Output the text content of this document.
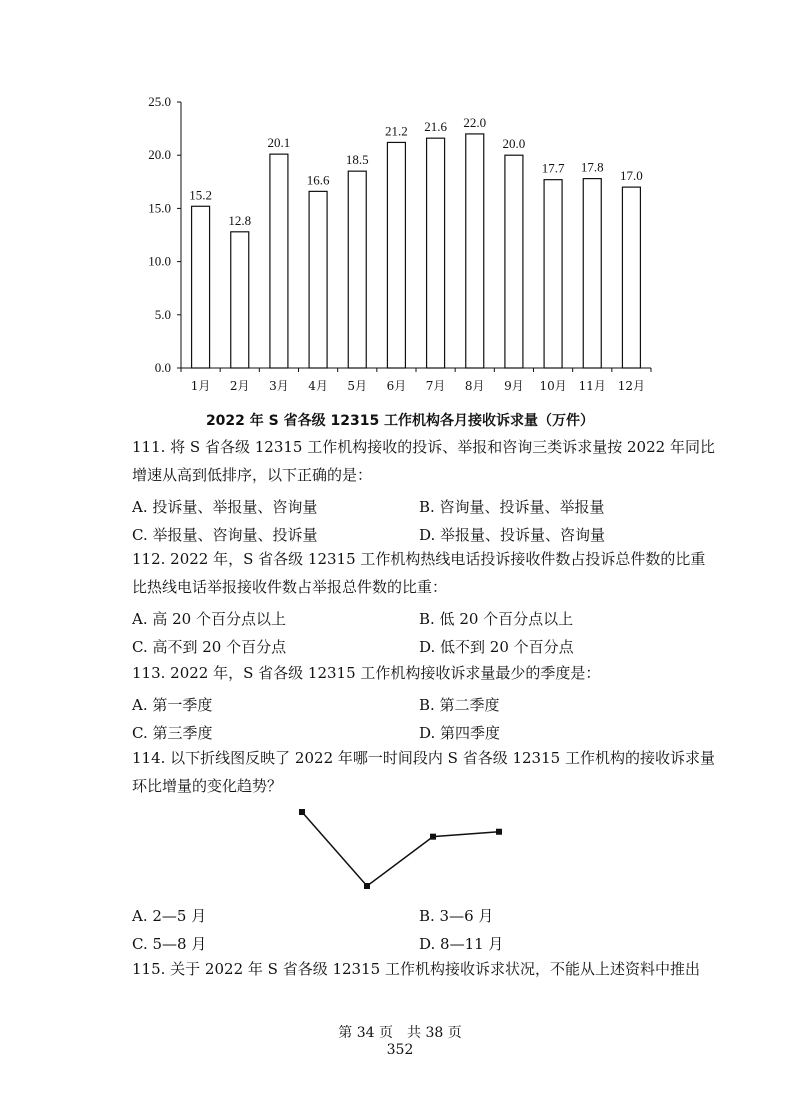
0.0
5.0
10.0
15.0
20.0
25.0
15.2
1月
12.8
2月
20.1
3月
16.6
4月
18.5
5月
21.2
6月
21.6
7月
22.0
8月
20.0
9月
17.7
10月
17.8
11月
17.0
12月
2022 年 S 省各级 12315 工作机构各月接收诉求量（万件）
111. 将 S 省各级 12315 工作机构接收的投诉、举报和咨询三类诉求量按 2022 年同比
增速从高到低排序，以下正确的是：
A. 投诉量、举报量、咨询量	B. 咨询量、投诉量、举报量
C. 举报量、咨询量、投诉量	D. 举报量、投诉量、咨询量
112. 2022 年，S 省各级 12315 工作机构热线电话投诉接收件数占投诉总件数的比重
比热线电话举报接收件数占举报总件数的比重：
A. 高 20 个百分点以上	B. 低 20 个百分点以上
C. 高不到 20 个百分点	D. 低不到 20 个百分点
113. 2022 年，S 省各级 12315 工作机构接收诉求量最少的季度是：
A. 第一季度	B. 第二季度
C. 第三季度	D. 第四季度
114. 以下折线图反映了 2022 年哪一时间段内 S 省各级 12315 工作机构的接收诉求量
环比增量的变化趋势？
A. 2—5 月	B. 3—6 月
C. 5—8 月	D. 8—11 月
115. 关于 2022 年 S 省各级 12315 工作机构接收诉求状况，不能从上述资料中推出
第 34 页　共 38 页
352
